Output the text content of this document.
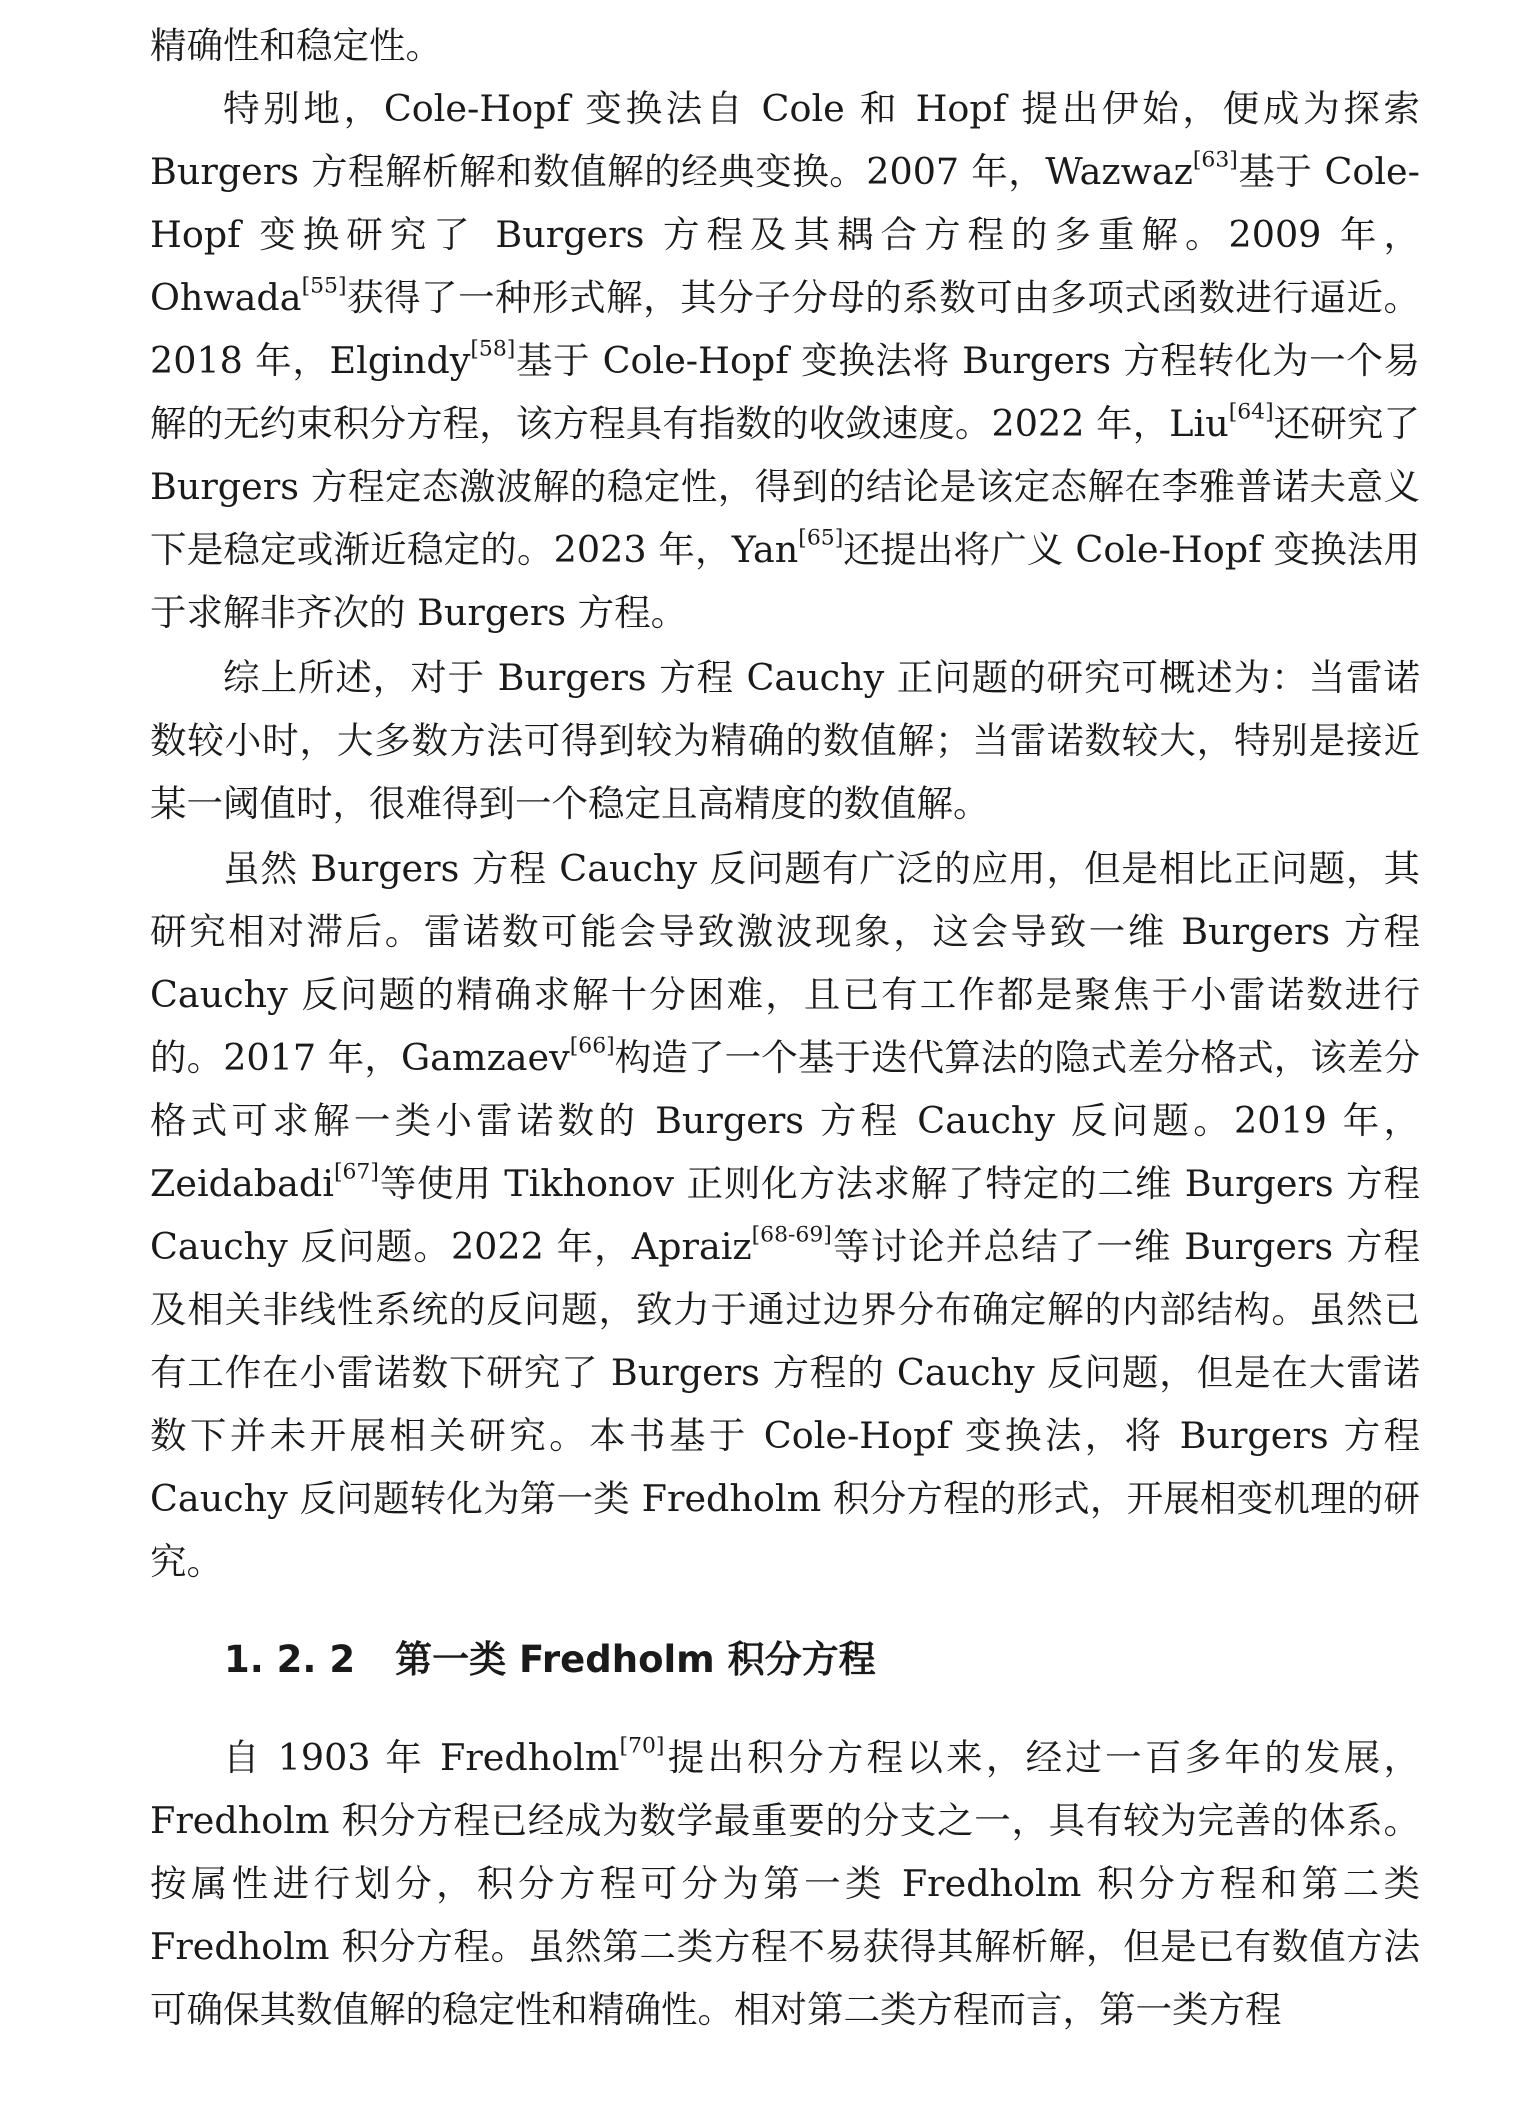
精确性和稳定性。

特别地，Cole-Hopf 变换法自 Cole 和 Hopf 提出伊始，便成为探索 Burgers 方程解析解和数值解的经典变换。2007 年，Wazwaz[63]基于 Cole-Hopf 变换研究了 Burgers 方程及其耦合方程的多重解。2009 年，Ohwada[55]获得了一种形式解，其分子分母的系数可由多项式函数进行逼近。2018 年，Elgindy[58]基于 Cole-Hopf 变换法将 Burgers 方程转化为一个易解的无约束积分方程，该方程具有指数的收敛速度。2022 年，Liu[64]还研究了 Burgers 方程定态激波解的稳定性，得到的结论是该定态解在李雅普诺夫意义下是稳定或渐近稳定的。2023 年，Yan[65]还提出将广义 Cole-Hopf 变换法用于求解非齐次的 Burgers 方程。

综上所述，对于 Burgers 方程 Cauchy 正问题的研究可概述为：当雷诺数较小时，大多数方法可得到较为精确的数值解；当雷诺数较大，特别是接近某一阈值时，很难得到一个稳定且高精度的数值解。

虽然 Burgers 方程 Cauchy 反问题有广泛的应用，但是相比正问题，其研究相对滞后。雷诺数可能会导致激波现象，这会导致一维 Burgers 方程 Cauchy 反问题的精确求解十分困难，且已有工作都是聚焦于小雷诺数进行的。2017 年，Gamzaev[66]构造了一个基于迭代算法的隐式差分格式，该差分格式可求解一类小雷诺数的 Burgers 方程 Cauchy 反问题。2019 年，Zeidabadi[67]等使用 Tikhonov 正则化方法求解了特定的二维 Burgers 方程 Cauchy 反问题。2022 年，Apraiz[68-69]等讨论并总结了一维 Burgers 方程及相关非线性系统的反问题，致力于通过边界分布确定解的内部结构。虽然已有工作在小雷诺数下研究了 Burgers 方程的 Cauchy 反问题，但是在大雷诺数下并未开展相关研究。本书基于 Cole-Hopf 变换法，将 Burgers 方程 Cauchy 反问题转化为第一类 Fredholm 积分方程的形式，开展相变机理的研究。

1. 2. 2 第一类 Fredholm 积分方程

自 1903 年 Fredholm[70]提出积分方程以来，经过一百多年的发展，Fredholm 积分方程已经成为数学最重要的分支之一，具有较为完善的体系。按属性进行划分，积分方程可分为第一类 Fredholm 积分方程和第二类 Fredholm 积分方程。虽然第二类方程不易获得其解析解，但是已有数值方法可确保其数值解的稳定性和精确性。相对第二类方程而言，第一类方程
